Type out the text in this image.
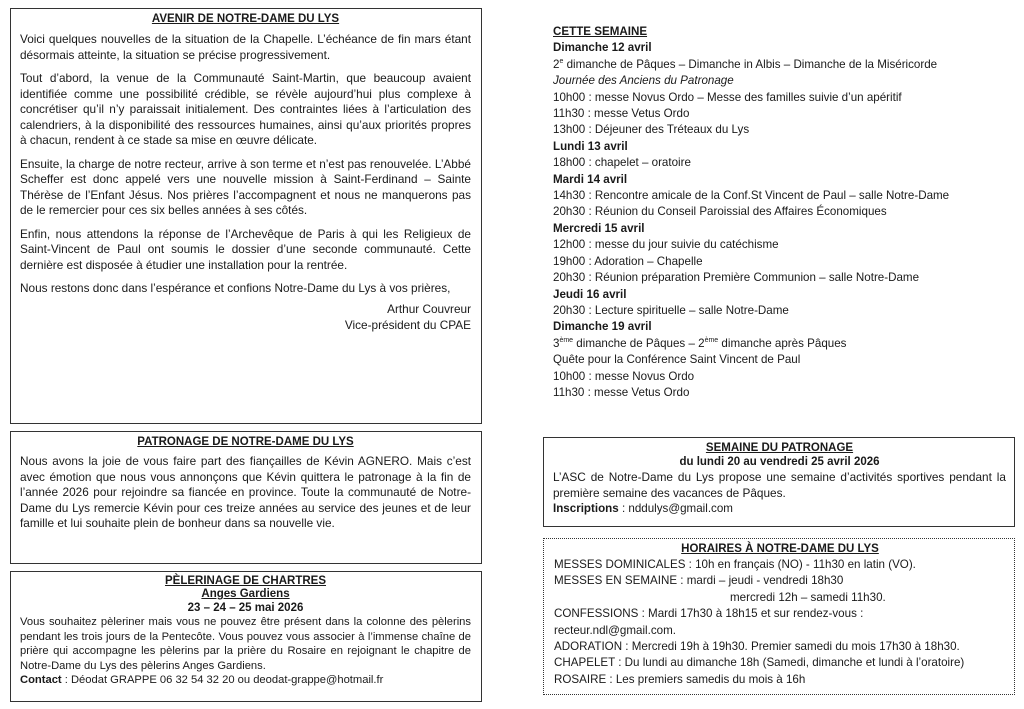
AVENIR DE NOTRE-DAME DU LYS

Voici quelques nouvelles de la situation de la Chapelle. L’échéance de fin mars étant désormais atteinte, la situation se précise progressivement.

Tout d’abord, la venue de la Communauté Saint-Martin, que beaucoup avaient identifiée comme une possibilité crédible, se révèle aujourd’hui plus complexe à concrétiser qu’il n’y paraissait initialement. Des contraintes liées à l’articulation des calendriers, à la disponibilité des ressources humaines, ainsi qu’aux priorités propres à chacun, rendent à ce stade sa mise en œuvre délicate.

Ensuite, la charge de notre recteur, arrive à son terme et n’est pas renouvelée. L’Abbé Scheffer est donc appelé vers une nouvelle mission à Saint-Ferdinand – Sainte Thérèse de l’Enfant Jésus. Nos prières l’accompagnent et nous ne manquerons pas de le remercier pour ces six belles années à ses côtés.

Enfin, nous attendons la réponse de l’Archevêque de Paris à qui les Religieux de Saint-Vincent de Paul ont soumis le dossier d’une seconde communauté. Cette dernière est disposée à étudier une installation pour la rentrée.

Nous restons donc dans l’espérance et confions Notre-Dame du Lys à vos prières,

Arthur Couvreur
Vice-président du CPAE

PATRONAGE DE NOTRE-DAME DU LYS

Nous avons la joie de vous faire part des fiançailles de Kévin AGNERO. Mais c’est avec émotion que nous vous annonçons que Kévin quittera le patronage à la fin de l’année 2026 pour rejoindre sa fiancée en province. Toute la communauté de Notre-Dame du Lys remercie Kévin pour ces treize années au service des jeunes et de leur famille et lui souhaite plein de bonheur dans sa nouvelle vie.

PÈLERINAGE DE CHARTRES

Anges Gardiens
23 – 24 – 25 mai 2026

Vous souhaitez pèleriner mais vous ne pouvez être présent dans la colonne des pèlerins pendant les trois jours de la Pentecôte. Vous pouvez vous associer à l’immense chaîne de prière qui accompagne les pèlerins par la prière du Rosaire en rejoignant le chapitre de Notre-Dame du Lys des pèlerins Anges Gardiens.

Contact : Déodat GRAPPE 06 32 54 32 20 ou deodat-grappe@hotmail.fr
CETTE SEMAINE
Dimanche 12 avril
2e dimanche de Pâques – Dimanche in Albis – Dimanche de la Miséricorde
Journée des Anciens du Patronage
10h00 : messe Novus Ordo – Messe des familles suivie d’un apéritif
11h30 : messe Vetus Ordo
13h00 : Déjeuner des Tréteaux du Lys
Lundi 13 avril
18h00 : chapelet – oratoire
Mardi 14 avril
14h30 : Rencontre amicale de la Conf.St Vincent de Paul – salle Notre-Dame
20h30 : Réunion du Conseil Paroissial des Affaires Économiques
Mercredi 15 avril
12h00 : messe du jour suivie du catéchisme
19h00 : Adoration – Chapelle
20h30 : Réunion préparation Première Communion – salle Notre-Dame
Jeudi 16 avril
20h30 : Lecture spirituelle – salle Notre-Dame
Dimanche 19 avril
3ème dimanche de Pâques – 2ème dimanche après Pâques
Quête pour la Conférence Saint Vincent de Paul
10h00 : messe Novus Ordo
11h30 : messe Vetus Ordo

SEMAINE DU PATRONAGE

du lundi 20 au vendredi 25 avril 2026

L’ASC de Notre-Dame du Lys propose une semaine d’activités sportives pendant la première semaine des vacances de Pâques.

Inscriptions : nddulys@gmail.com

HORAIRES À NOTRE-DAME DU LYS

MESSES DOMINICALES : 10h en français (NO) - 11h30 en latin (VO).
MESSES EN SEMAINE : mardi – jeudi - vendredi 18h30
mercredi 12h – samedi 11h30.
CONFESSIONS : Mardi 17h30 à 18h15 et sur rendez-vous :
recteur.ndl@gmail.com.
ADORATION : Mercredi 19h à 19h30. Premier samedi du mois 17h30 à 18h30.
CHAPELET : Du lundi au dimanche 18h (Samedi, dimanche et lundi à l’oratoire)
ROSAIRE : Les premiers samedis du mois à 16h
